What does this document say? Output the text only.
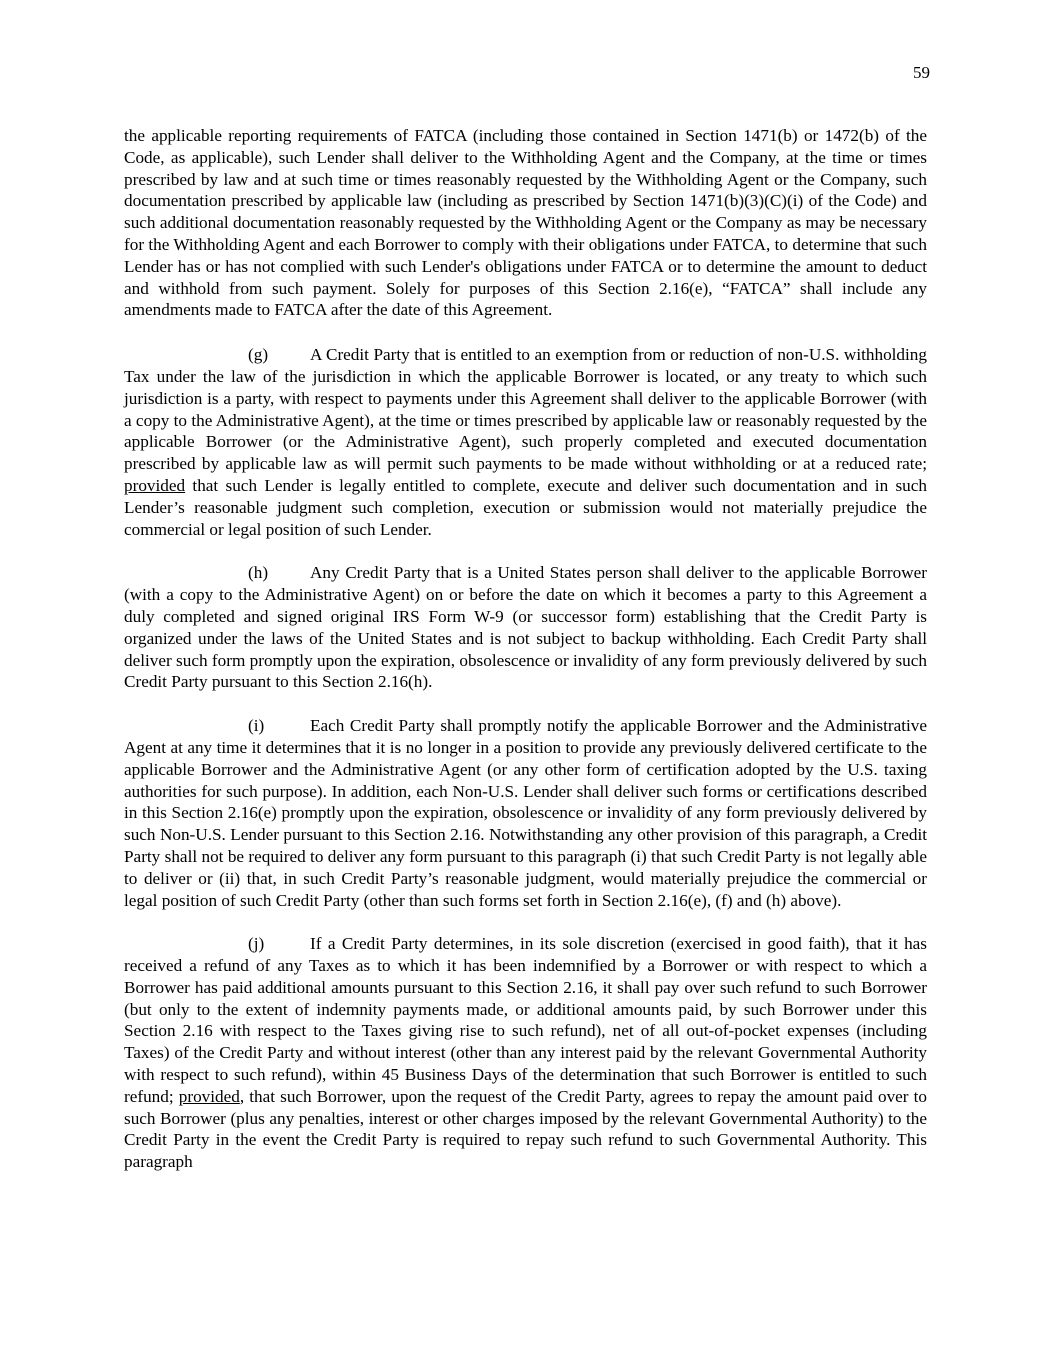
59

the applicable reporting requirements of FATCA (including those contained in Section 1471(b) or 1472(b) of the Code, as applicable), such Lender shall deliver to the Withholding Agent and the Company, at the time or times prescribed by law and at such time or times reasonably requested by the Withholding Agent or the Company, such documentation prescribed by applicable law (including as prescribed by Section 1471(b)(3)(C)(i) of the Code) and such additional documentation reasonably requested by the Withholding Agent or the Company as may be necessary for the Withholding Agent and each Borrower to comply with their obligations under FATCA, to determine that such Lender has or has not complied with such Lender's obligations under FATCA or to determine the amount to deduct and withhold from such payment. Solely for purposes of this Section 2.16(e), “FATCA” shall include any amendments made to FATCA after the date of this Agreement.

(g) A Credit Party that is entitled to an exemption from or reduction of non-U.S. withholding Tax under the law of the jurisdiction in which the applicable Borrower is located, or any treaty to which such jurisdiction is a party, with respect to payments under this Agreement shall deliver to the applicable Borrower (with a copy to the Administrative Agent), at the time or times prescribed by applicable law or reasonably requested by the applicable Borrower (or the Administrative Agent), such properly completed and executed documentation prescribed by applicable law as will permit such payments to be made without withholding or at a reduced rate; provided that such Lender is legally entitled to complete, execute and deliver such documentation and in such Lender’s reasonable judgment such completion, execution or submission would not materially prejudice the commercial or legal position of such Lender.

(h) Any Credit Party that is a United States person shall deliver to the applicable Borrower (with a copy to the Administrative Agent) on or before the date on which it becomes a party to this Agreement a duly completed and signed original IRS Form W-9 (or successor form) establishing that the Credit Party is organized under the laws of the United States and is not subject to backup withholding. Each Credit Party shall deliver such form promptly upon the expiration, obsolescence or invalidity of any form previously delivered by such Credit Party pursuant to this Section 2.16(h).

(i)	Each Credit Party shall promptly notify the applicable Borrower and the Administrative Agent at any time it determines that it is no longer in a position to provide any previously delivered certificate to the applicable Borrower and the Administrative Agent (or any other form of certification adopted by the U.S. taxing authorities for such purpose). In addition, each Non-U.S. Lender shall deliver such forms or certifications described in this Section 2.16(e) promptly upon the expiration, obsolescence or invalidity of any form previously delivered by such Non-U.S. Lender pursuant to this Section 2.16. Notwithstanding any other provision of this paragraph, a Credit Party shall not be required to deliver any form pursuant to this paragraph (i) that such Credit Party is not legally able to deliver or (ii) that, in such Credit Party’s reasonable judgment, would materially prejudice the commercial or legal position of such Credit Party (other than such forms set forth in Section 2.16(e), (f) and (h) above).

(j)	If a Credit Party determines, in its sole discretion (exercised in good faith), that it has received a refund of any Taxes as to which it has been indemnified by a Borrower or with respect to which a Borrower has paid additional amounts pursuant to this Section 2.16, it shall pay over such refund to such Borrower (but only to the extent of indemnity payments made, or additional amounts paid, by such Borrower under this Section 2.16 with respect to the Taxes giving rise to such refund), net of all out-of-pocket expenses (including Taxes) of the Credit Party and without interest (other than any interest paid by the relevant Governmental Authority with respect to such refund), within 45 Business Days of the determination that such Borrower is entitled to such refund; provided, that such Borrower, upon the request of the Credit Party, agrees to repay the amount paid over to such Borrower (plus any penalties, interest or other charges imposed by the relevant Governmental Authority) to the Credit Party in the event the Credit Party is required to repay such refund to such Governmental Authority. This paragraph
